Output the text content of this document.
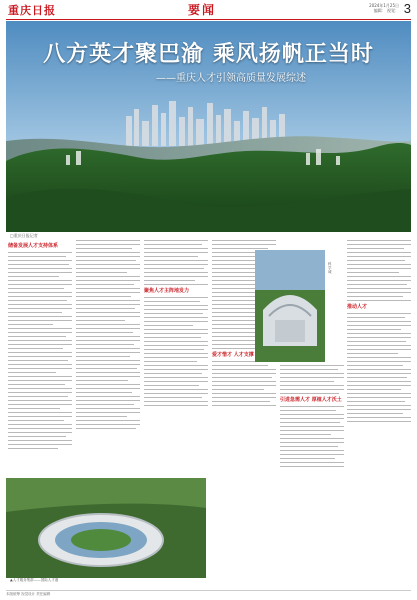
重庆日报	要闻	2024年1月25日
编辑： 视觉： 3
八方英才聚巴渝 乘风扬帆正当时
——重庆人才引领高质量发展综述
□重庆日报记者
储备发展人才支持体系
聚焦人才主阵地发力
爱才惜才 人才支撑
科学城
引进急需人才 厚植人才沃土
推动人才
▲人才服务集群——国际人才港
本版统筹 视觉设计 责任编辑
